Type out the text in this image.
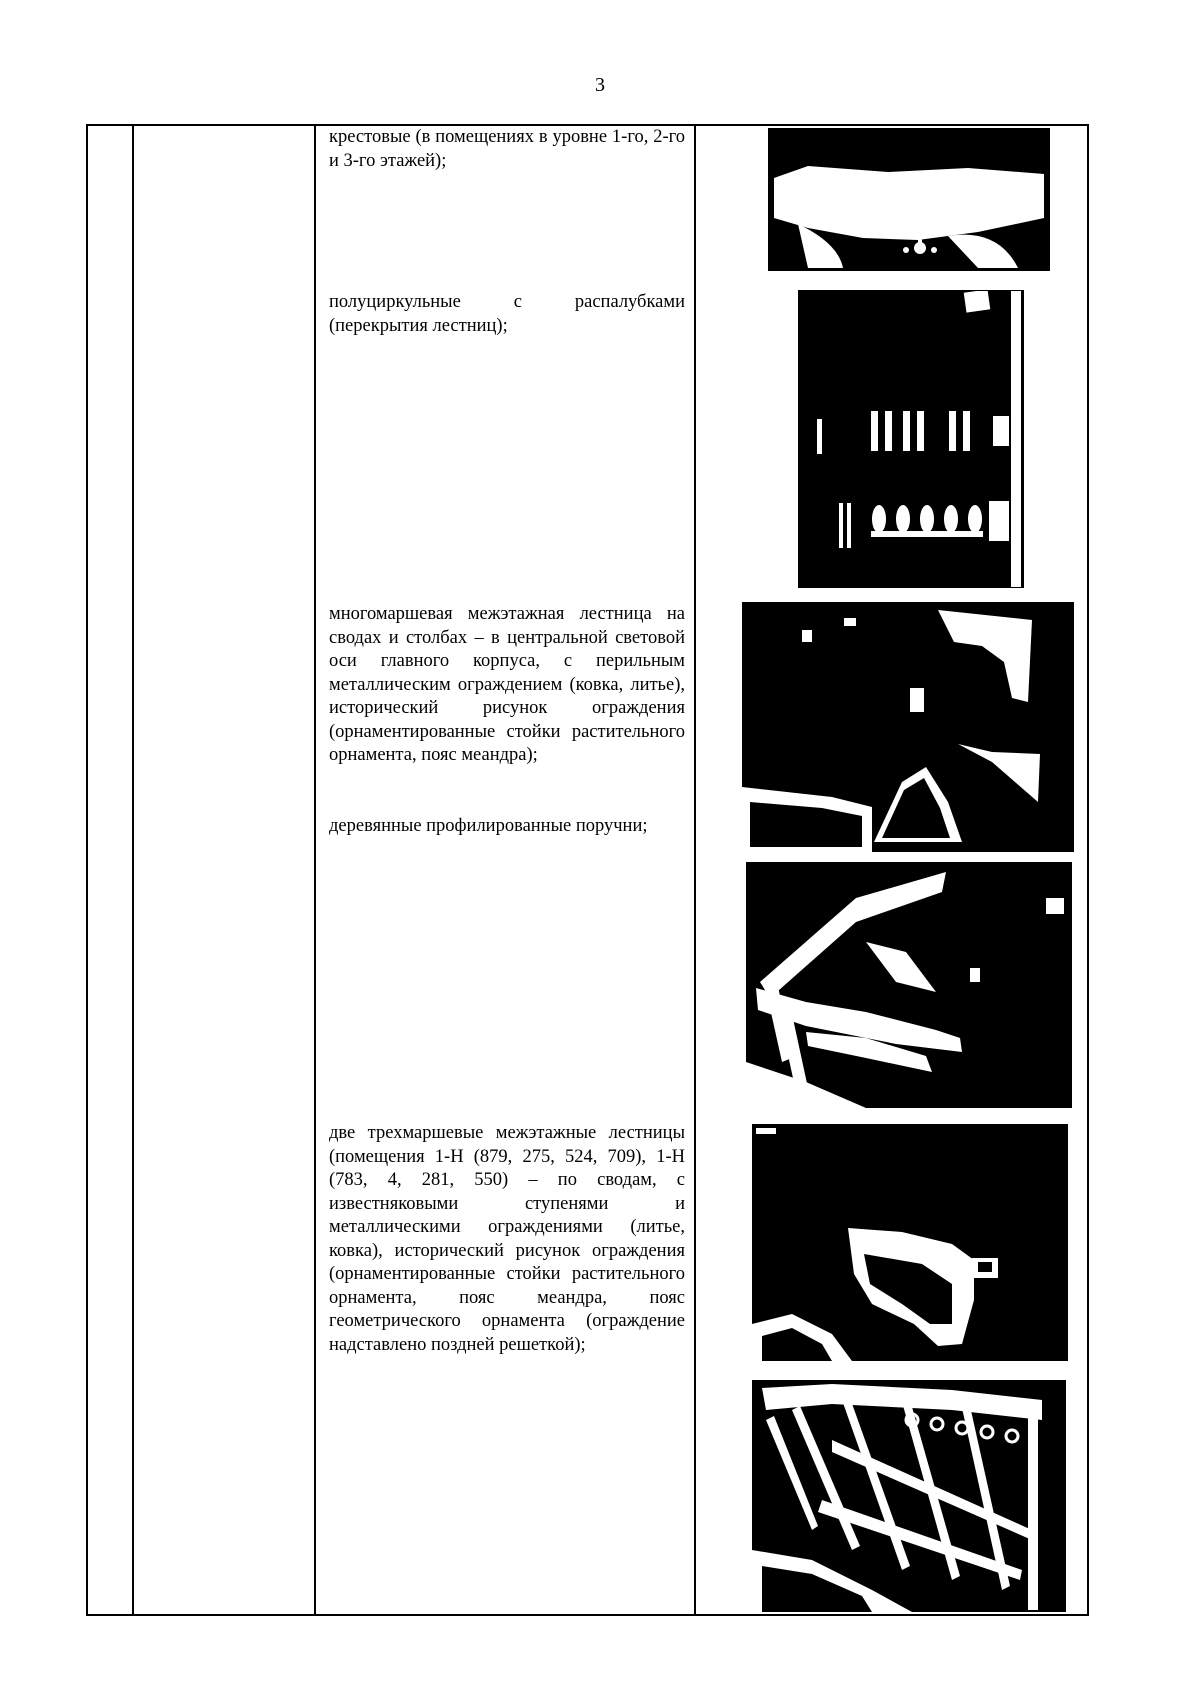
3
крестовые (в помещениях в уровне 1-го, 2-го и 3-го этажей);
полуциркульные с распалубками (перекрытия лестниц);
многомаршевая межэтажная лестница на сводах и столбах – в центральной световой оси главного корпуса, с перильным металлическим ограждением (ковка, литье), исторический рисунок ограждения (орнаментированные стойки растительного орнамента, пояс меандра);
деревянные профилированные поручни;
две трехмаршевые межэтажные лестницы (помещения 1-Н (879, 275, 524, 709), 1-Н (783, 4, 281, 550) – по сводам, с известняковыми ступенями и металлическими ограждениями (литье, ковка), исторический рисунок ограждения (орнаментированные стойки растительного орнамента, пояс меандра, пояс геометрического орнамента (ограждение надставлено поздней решеткой);
